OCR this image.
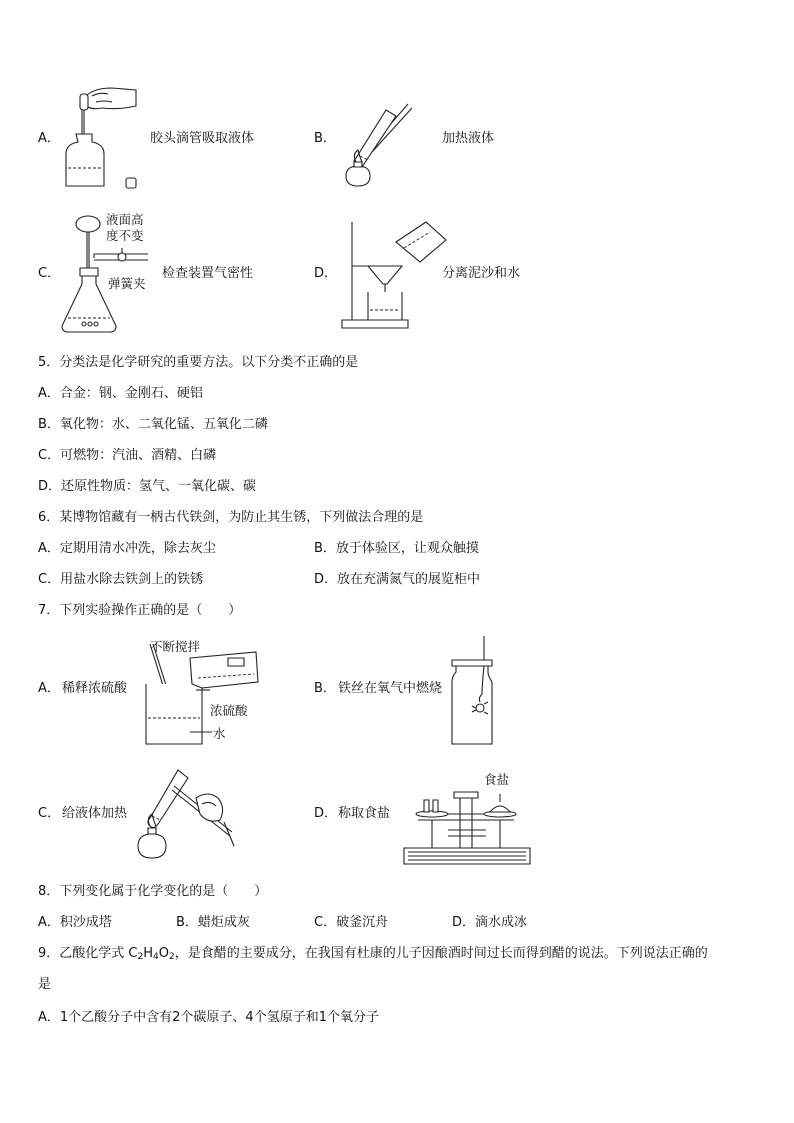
A．	胶头滴管吸取液体	B．	加热液体
C．
液面高
度不变
弹簧夹
检查装置气密性	D．	分离泥沙和水
5．分类法是化学研究的重要方法。以下分类不正确的是
A．合金：钢、金刚石、硬铝
B．氧化物：水、二氧化锰、五氧化二磷
C．可燃物：汽油、酒精、白磷
D．还原性物质：氢气、一氧化碳、碳
6．某博物馆藏有一柄古代铁剑，为防止其生锈，下列做法合理的是
A．定期用清水冲洗，除去灰尘	B．放于体验区，让观众触摸
C．用盐水除去铁剑上的铁锈	D．放在充满氮气的展览柜中
7．下列实验操作正确的是（　　）
A． 稀释浓硫酸
不断搅拌
浓硫酸
水
B． 铁丝在氧气中燃烧
C． 给液体加热	D． 称取食盐
食盐
8．下列变化属于化学变化的是（　　）
A．积沙成塔	B．蜡炬成灰	C．破釜沉舟	D．滴水成冰
9．乙酸化学式 $C_2H_4O_2$，是食醋的主要成分，在我国有杜康的儿子因酿酒时间过长而得到醋的说法。下列说法正确的
是
A．1个乙酸分子中含有2个碳原子、4个氢原子和1个氧分子
